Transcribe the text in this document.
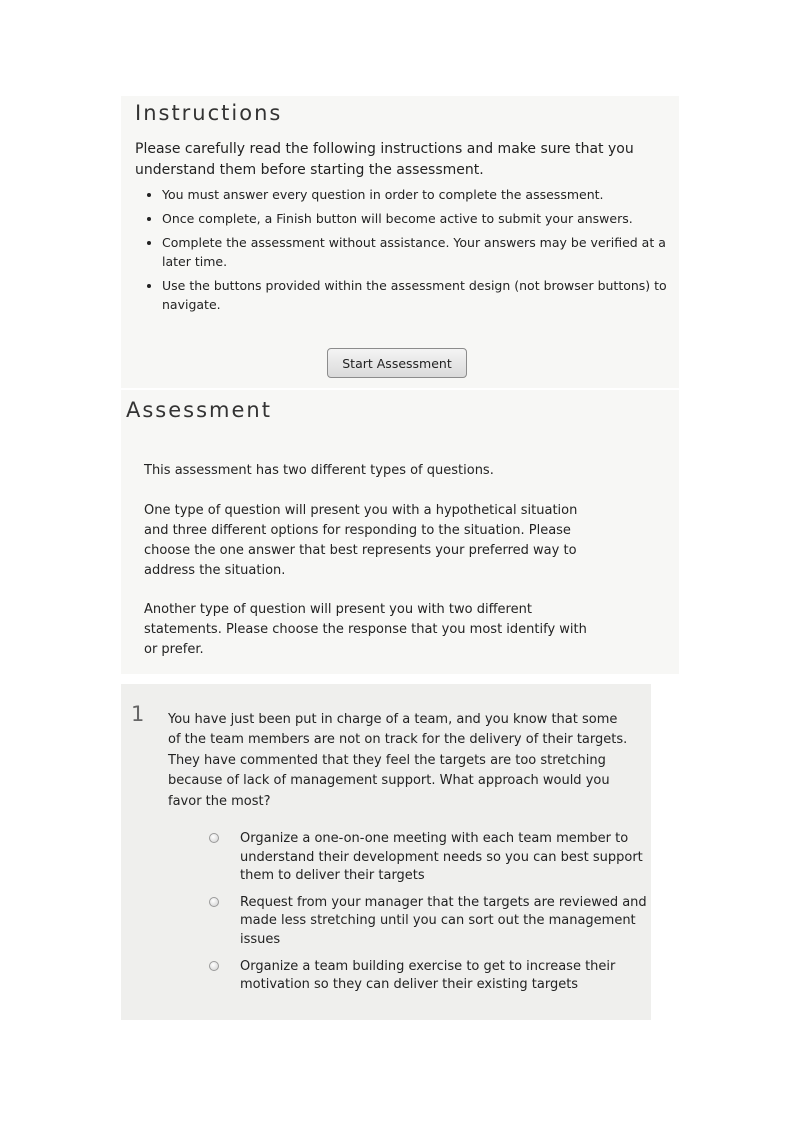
Instructions

Please carefully read the following instructions and make sure that you understand them before starting the assessment.

• You must answer every question in order to complete the assessment.
• Once complete, a Finish button will become active to submit your answers.
• Complete the assessment without assistance. Your answers may be verified at a later time.
• Use the buttons provided within the assessment design (not browser buttons) to navigate.
Start Assessment
Assessment

This assessment has two different types of questions.

One type of question will present you with a hypothetical situation and three different options for responding to the situation. Please choose the one answer that best represents your preferred way to address the situation.

Another type of question will present you with two different statements. Please choose the response that you most identify with or prefer.

1 You have just been put in charge of a team, and you know that some of the team members are not on track for the delivery of their targets. They have commented that they feel the targets are too stretching because of lack of management support. What approach would you favor the most?

Organize a one-on-one meeting with each team member to understand their development needs so you can best support them to deliver their targets
Request from your manager that the targets are reviewed and made less stretching until you can sort out the management issues
Organize a team building exercise to get to increase their motivation so they can deliver their existing targets
